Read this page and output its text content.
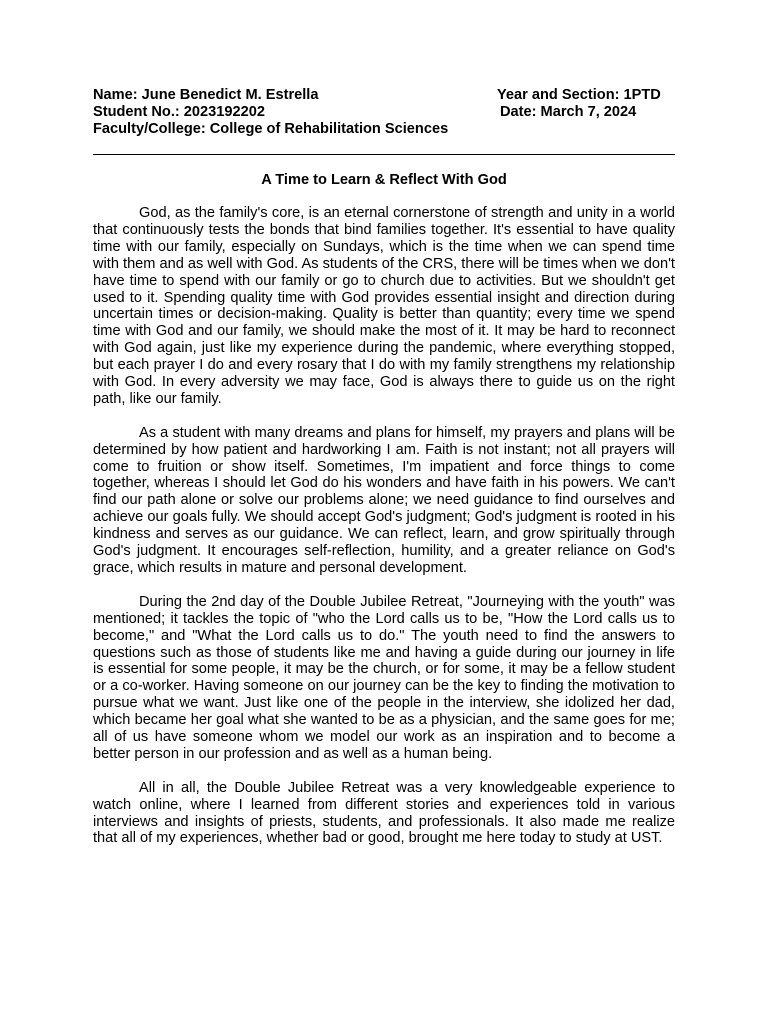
Name: June Benedict M. Estrella	Year and Section: 1PTD
Student No.: 2023192202	Date: March 7, 2024
Faculty/College: College of Rehabilitation Sciences
A Time to Learn & Reflect With God

God, as the family's core, is an eternal cornerstone of strength and unity in a world that continuously tests the bonds that bind families together. It's essential to have quality time with our family, especially on Sundays, which is the time when we can spend time with them and as well with God. As students of the CRS, there will be times when we don't have time to spend with our family or go to church due to activities. But we shouldn't get used to it. Spending quality time with God provides essential insight and direction during uncertain times or decision-making. Quality is better than quantity; every time we spend time with God and our family, we should make the most of it. It may be hard to reconnect with God again, just like my experience during the pandemic, where everything stopped, but each prayer I do and every rosary that I do with my family strengthens my relationship with God. In every adversity we may face, God is always there to guide us on the right path, like our family.

As a student with many dreams and plans for himself, my prayers and plans will be determined by how patient and hardworking I am. Faith is not instant; not all prayers will come to fruition or show itself. Sometimes, I'm impatient and force things to come together, whereas I should let God do his wonders and have faith in his powers. We can't find our path alone or solve our problems alone; we need guidance to find ourselves and achieve our goals fully. We should accept God's judgment; God's judgment is rooted in his kindness and serves as our guidance. We can reflect, learn, and grow spiritually through God's judgment. It encourages self-reflection, humility, and a greater reliance on God's grace, which results in mature and personal development.

During the 2nd day of the Double Jubilee Retreat, "Journeying with the youth" was mentioned; it tackles the topic of "who the Lord calls us to be, "How the Lord calls us to become," and "What the Lord calls us to do." The youth need to find the answers to questions such as those of students like me and having a guide during our journey in life is essential for some people, it may be the church, or for some, it may be a fellow student or a co-worker. Having someone on our journey can be the key to finding the motivation to pursue what we want. Just like one of the people in the interview, she idolized her dad, which became her goal what she wanted to be as a physician, and the same goes for me; all of us have someone whom we model our work as an inspiration and to become a better person in our profession and as well as a human being.

All in all, the Double Jubilee Retreat was a very knowledgeable experience to watch online, where I learned from different stories and experiences told in various interviews and insights of priests, students, and professionals. It also made me realize that all of my experiences, whether bad or good, brought me here today to study at UST.
